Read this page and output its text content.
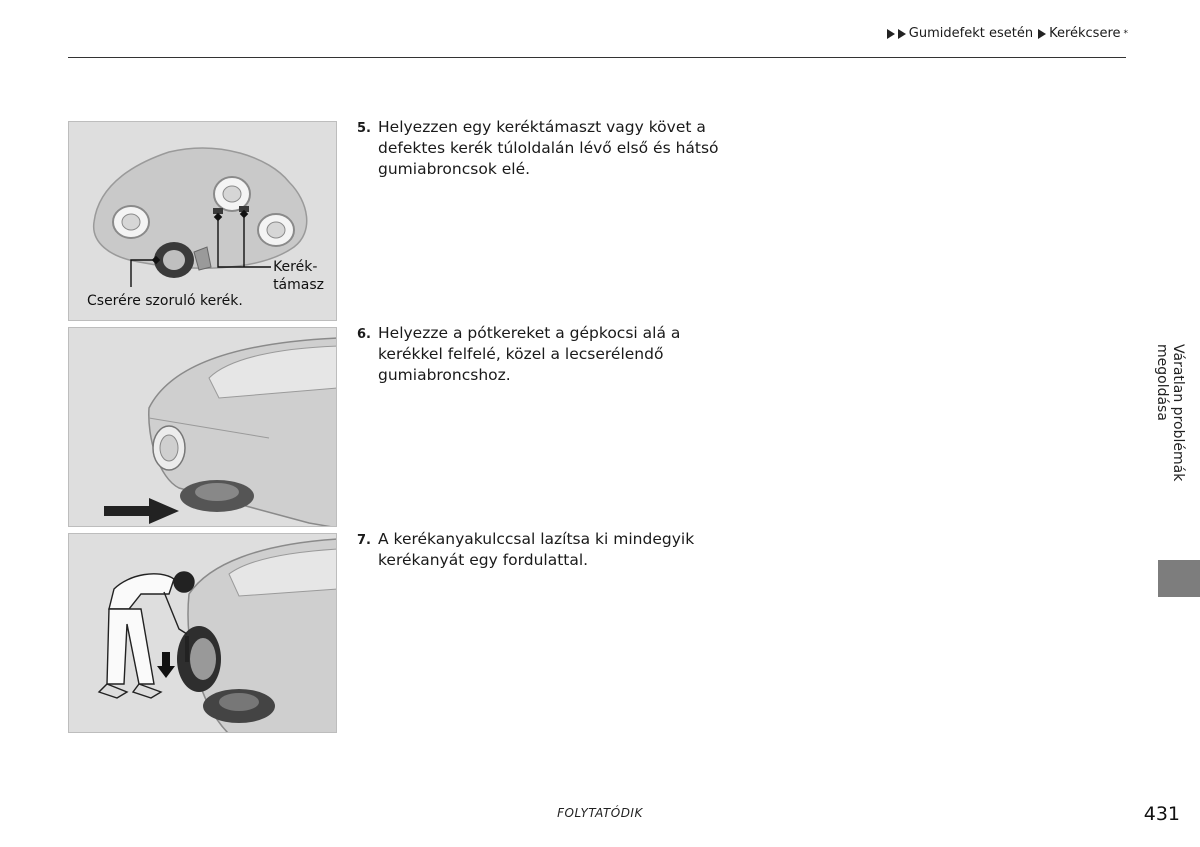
Gumidefekt esetén Kerékcsere *
Kerék-
támasz
Cserére szoruló kerék.
5. Helyezzen egy keréktámaszt vagy követ a defektes kerék túloldalán lévő első és hátsó gumiabroncsok elé.
6. Helyezze a pótkereket a gépkocsi alá a kerékkel felfelé, közel a lecserélendő gumiabroncshoz.
7. A kerékanyakulccsal lazítsa ki mindegyik kerékanyát egy fordulattal.
Váratlan problémák megoldása
FOLYTATÓDIK	431
